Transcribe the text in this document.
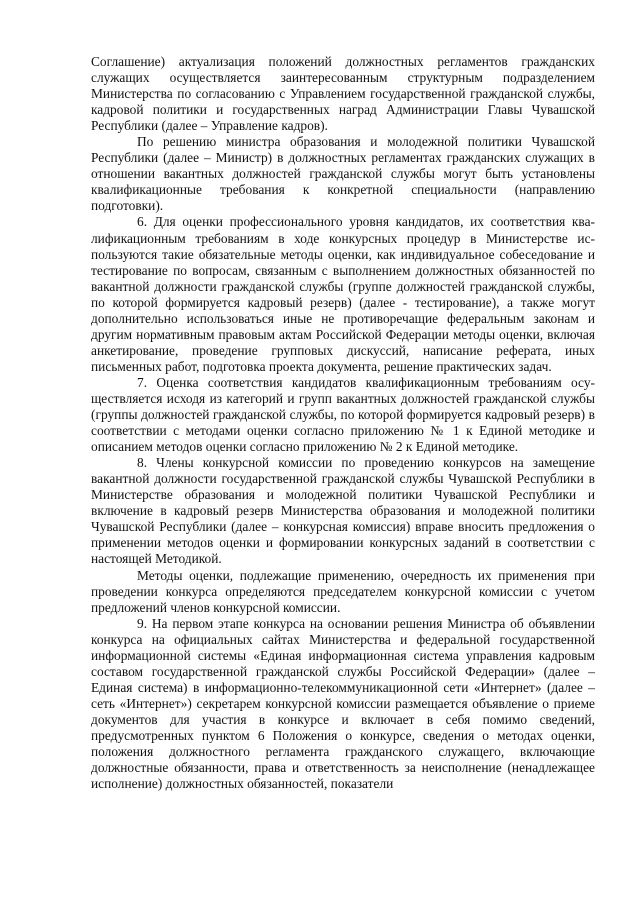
Соглашение) актуализация положений должностных регламентов гражданских служащих осуществляется заинтересованным структурным подразделением Министерства по согласованию с Управлением государственной гражданской службы, кадровой политики и государственных наград Администрации Главы Чувашской Республики (далее – Управление кадров).

По решению министра образования и молодежной политики Чувашской Республики (далее – Министр) в должностных регламентах гражданских служащих в отношении вакантных должностей гражданской службы могут быть установлены квалификационные требования к конкретной специальности (направлению подготовки).

6. Для оценки профессионального уровня кандидатов, их соответствия квалификационным требованиям в ходе конкурсных процедур в Министерстве используются такие обязательные методы оценки, как индивидуальное собеседование и тестирование по вопросам, связанным с выполнением должностных обязанностей по вакантной должности гражданской службы (группе должностей гражданской службы, по которой формируется кадровый резерв) (далее - тестирование), а также могут дополнительно использоваться иные не противоречащие федеральным законам и другим нормативным правовым актам Российской Федерации методы оценки, включая анкетирование, проведение групповых дискуссий, написание реферата, иных письменных работ, подготовка проекта документа, решение практических задач.

7. Оценка соответствия кандидатов квалификационным требованиям осуществляется исходя из категорий и групп вакантных должностей гражданской службы (группы должностей гражданской службы, по которой формируется кадровый резерв) в соответствии с методами оценки согласно приложению № 1 к Единой методике и описанием методов оценки согласно приложению № 2 к Единой методике.

8. Члены конкурсной комиссии по проведению конкурсов на замещение вакантной должности государственной гражданской службы Чувашской Республики в Министерстве образования и молодежной политики Чувашской Республики и включение в кадровый резерв Министерства образования и молодежной политики Чувашской Республики (далее – конкурсная комиссия) вправе вносить предложения о применении методов оценки и формировании конкурсных заданий в соответствии с настоящей Методикой.

Методы оценки, подлежащие применению, очередность их применения при проведении конкурса определяются председателем конкурсной комиссии с учетом предложений членов конкурсной комиссии.

9. На первом этапе конкурса на основании решения Министра об объявлении конкурса на официальных сайтах Министерства и федеральной государственной информационной системы «Единая информационная система управления кадровым составом государственной гражданской службы Российской Федерации» (далее – Единая система) в информационно-телекоммуникационной сети «Интернет» (далее – сеть «Интернет») секретарем конкурсной комиссии размещается объявление о приеме документов для участия в конкурсе и включает в себя помимо сведений, предусмотренных пунктом 6 Положения о конкурсе, сведения о методах оценки, положения должностного регламента гражданского служащего, включающие должностные обязанности, права и ответственность за неисполнение (ненадлежащее исполнение) должностных обязанностей, показатели
